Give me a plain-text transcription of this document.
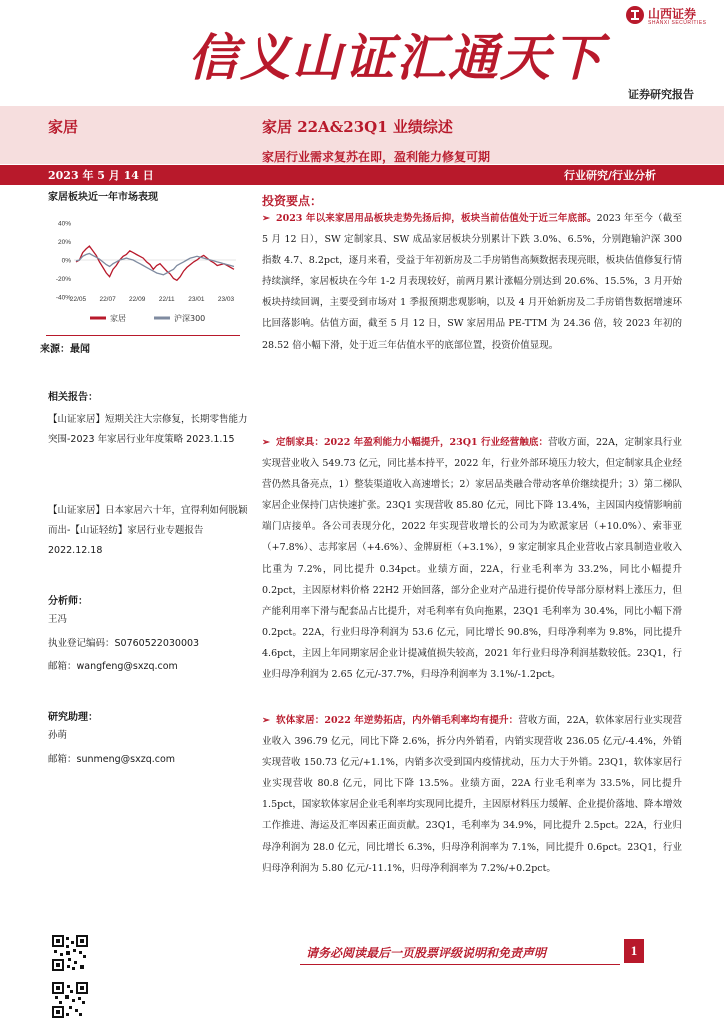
信义山证汇通天下
山西证券
SHANXI SECURITIES
证券研究报告
家居	家居 22A&23Q1 业绩综述
家居行业需求复苏在即，盈利能力修复可期
2023 年 5 月 14 日	行业研究/行业分析
家居板块近一年市场表现
40%
20%
0%
-20%
-40%
22/05 22/07 22/09 22/11 23/01 23/03
家居	沪深300
来源：最闻
相关报告：
【山证家居】短期关注大宗修复，长期零售能力突围-2023 年家居行业年度策略 2023.1.15
【山证家居】日本家居六十年，宜得利如何脱颖而出-【山证轻纺】家居行业专题报告 2022.12.18
分析师：
王冯
执业登记编码：S0760522030003
邮箱：wangfeng@sxzq.com
研究助理：
孙萌
邮箱：sunmeng@sxzq.com
投资要点：
➢ 2023 年以来家居用品板块走势先扬后抑，板块当前估值处于近三年底部。2023 年至今（截至 5 月 12 日），SW 定制家具、SW 成品家居板块分别累计下跌 3.0%、6.5%，分别跑输沪深 300 指数 4.7、8.2pct，逐月来看，受益于年初新房及二手房销售高频数据表现亮眼，板块估值修复行情持续演绎，家居板块在今年 1-2 月表现较好，前两月累计涨幅分别达到 20.6%、15.5%，3 月开始板块持续回调，主要受到市场对 1 季报预期悲观影响，以及 4 月开始新房及二手房销售数据增速环比回落影响。估值方面，截至 5 月 12 日，SW 家居用品 PE-TTM 为 24.36 倍，较 2023 年初的 28.52 倍小幅下滑，处于近三年估值水平的底部位置，投资价值显现。
➢ 定制家具：2022 年盈利能力小幅提升，23Q1 行业经营触底：营收方面，22A，定制家具行业实现营业收入 549.73 亿元，同比基本持平，2022 年，行业外部环境压力较大，但定制家具企业经营仍然具备亮点，1）整装渠道收入高速增长；2）家居品类融合带动客单价继续提升；3）第二梯队家居企业保持门店快速扩张。23Q1 实现营收 85.80 亿元，同比下降 13.4%，主因国内疫情影响前端门店接单。各公司表现分化，2022 年实现营收增长的公司为为欧派家居（+10.0%）、索菲亚（+7.8%）、志邦家居（+4.6%）、金牌厨柜（+3.1%），9 家定制家具企业营收占家具制造业收入比重为 7.2%，同比提升 0.34pct。业绩方面，22A，行业毛利率为 33.2%，同比小幅提升 0.2pct，主因原材料价格 22H2 开始回落，部分企业对产品进行提价传导部分原材料上涨压力，但产能利用率下滑与配套品占比提升，对毛利率有负向拖累，23Q1 毛利率为 30.4%，同比小幅下滑 0.2pct。22A，行业归母净利润为 53.6 亿元，同比增长 90.8%，归母净利率为 9.8%，同比提升 4.6pct，主因上年同期家居企业计提减值损失较高，2021 年行业归母净利润基数较低。23Q1，行业归母净利润为 2.65 亿元/-37.7%，归母净利润率为 3.1%/-1.2pct。
➢ 软体家居：2022 年逆势拓店，内外销毛利率均有提升：营收方面，22A，软体家居行业实现营业收入 396.79 亿元，同比下降 2.6%，拆分内外销看，内销实现营收 236.05 亿元/-4.4%，外销实现营收 150.73 亿元/+1.1%，内销多次受到国内疫情扰动，压力大于外销。23Q1，软体家居行业实现营收 80.8 亿元，同比下降 13.5%。业绩方面，22A 行业毛利率为 33.5%，同比提升 1.5pct，国家软体家居企业毛利率均实现同比提升，主因原材料压力缓解、企业提价落地、降本增效工作推进、海运及汇率因素正面贡献。23Q1，毛利率为 34.9%，同比提升 2.5pct。22A，行业归母净利润为 28.0 亿元，同比增长 6.3%，归母净利润率为 7.1%，同比提升 0.6pct。23Q1，行业归母净利润为 5.80 亿元/-11.1%，归母净利润率为 7.2%/+0.2pct。
请务必阅读最后一页股票评级说明和免责声明	1
